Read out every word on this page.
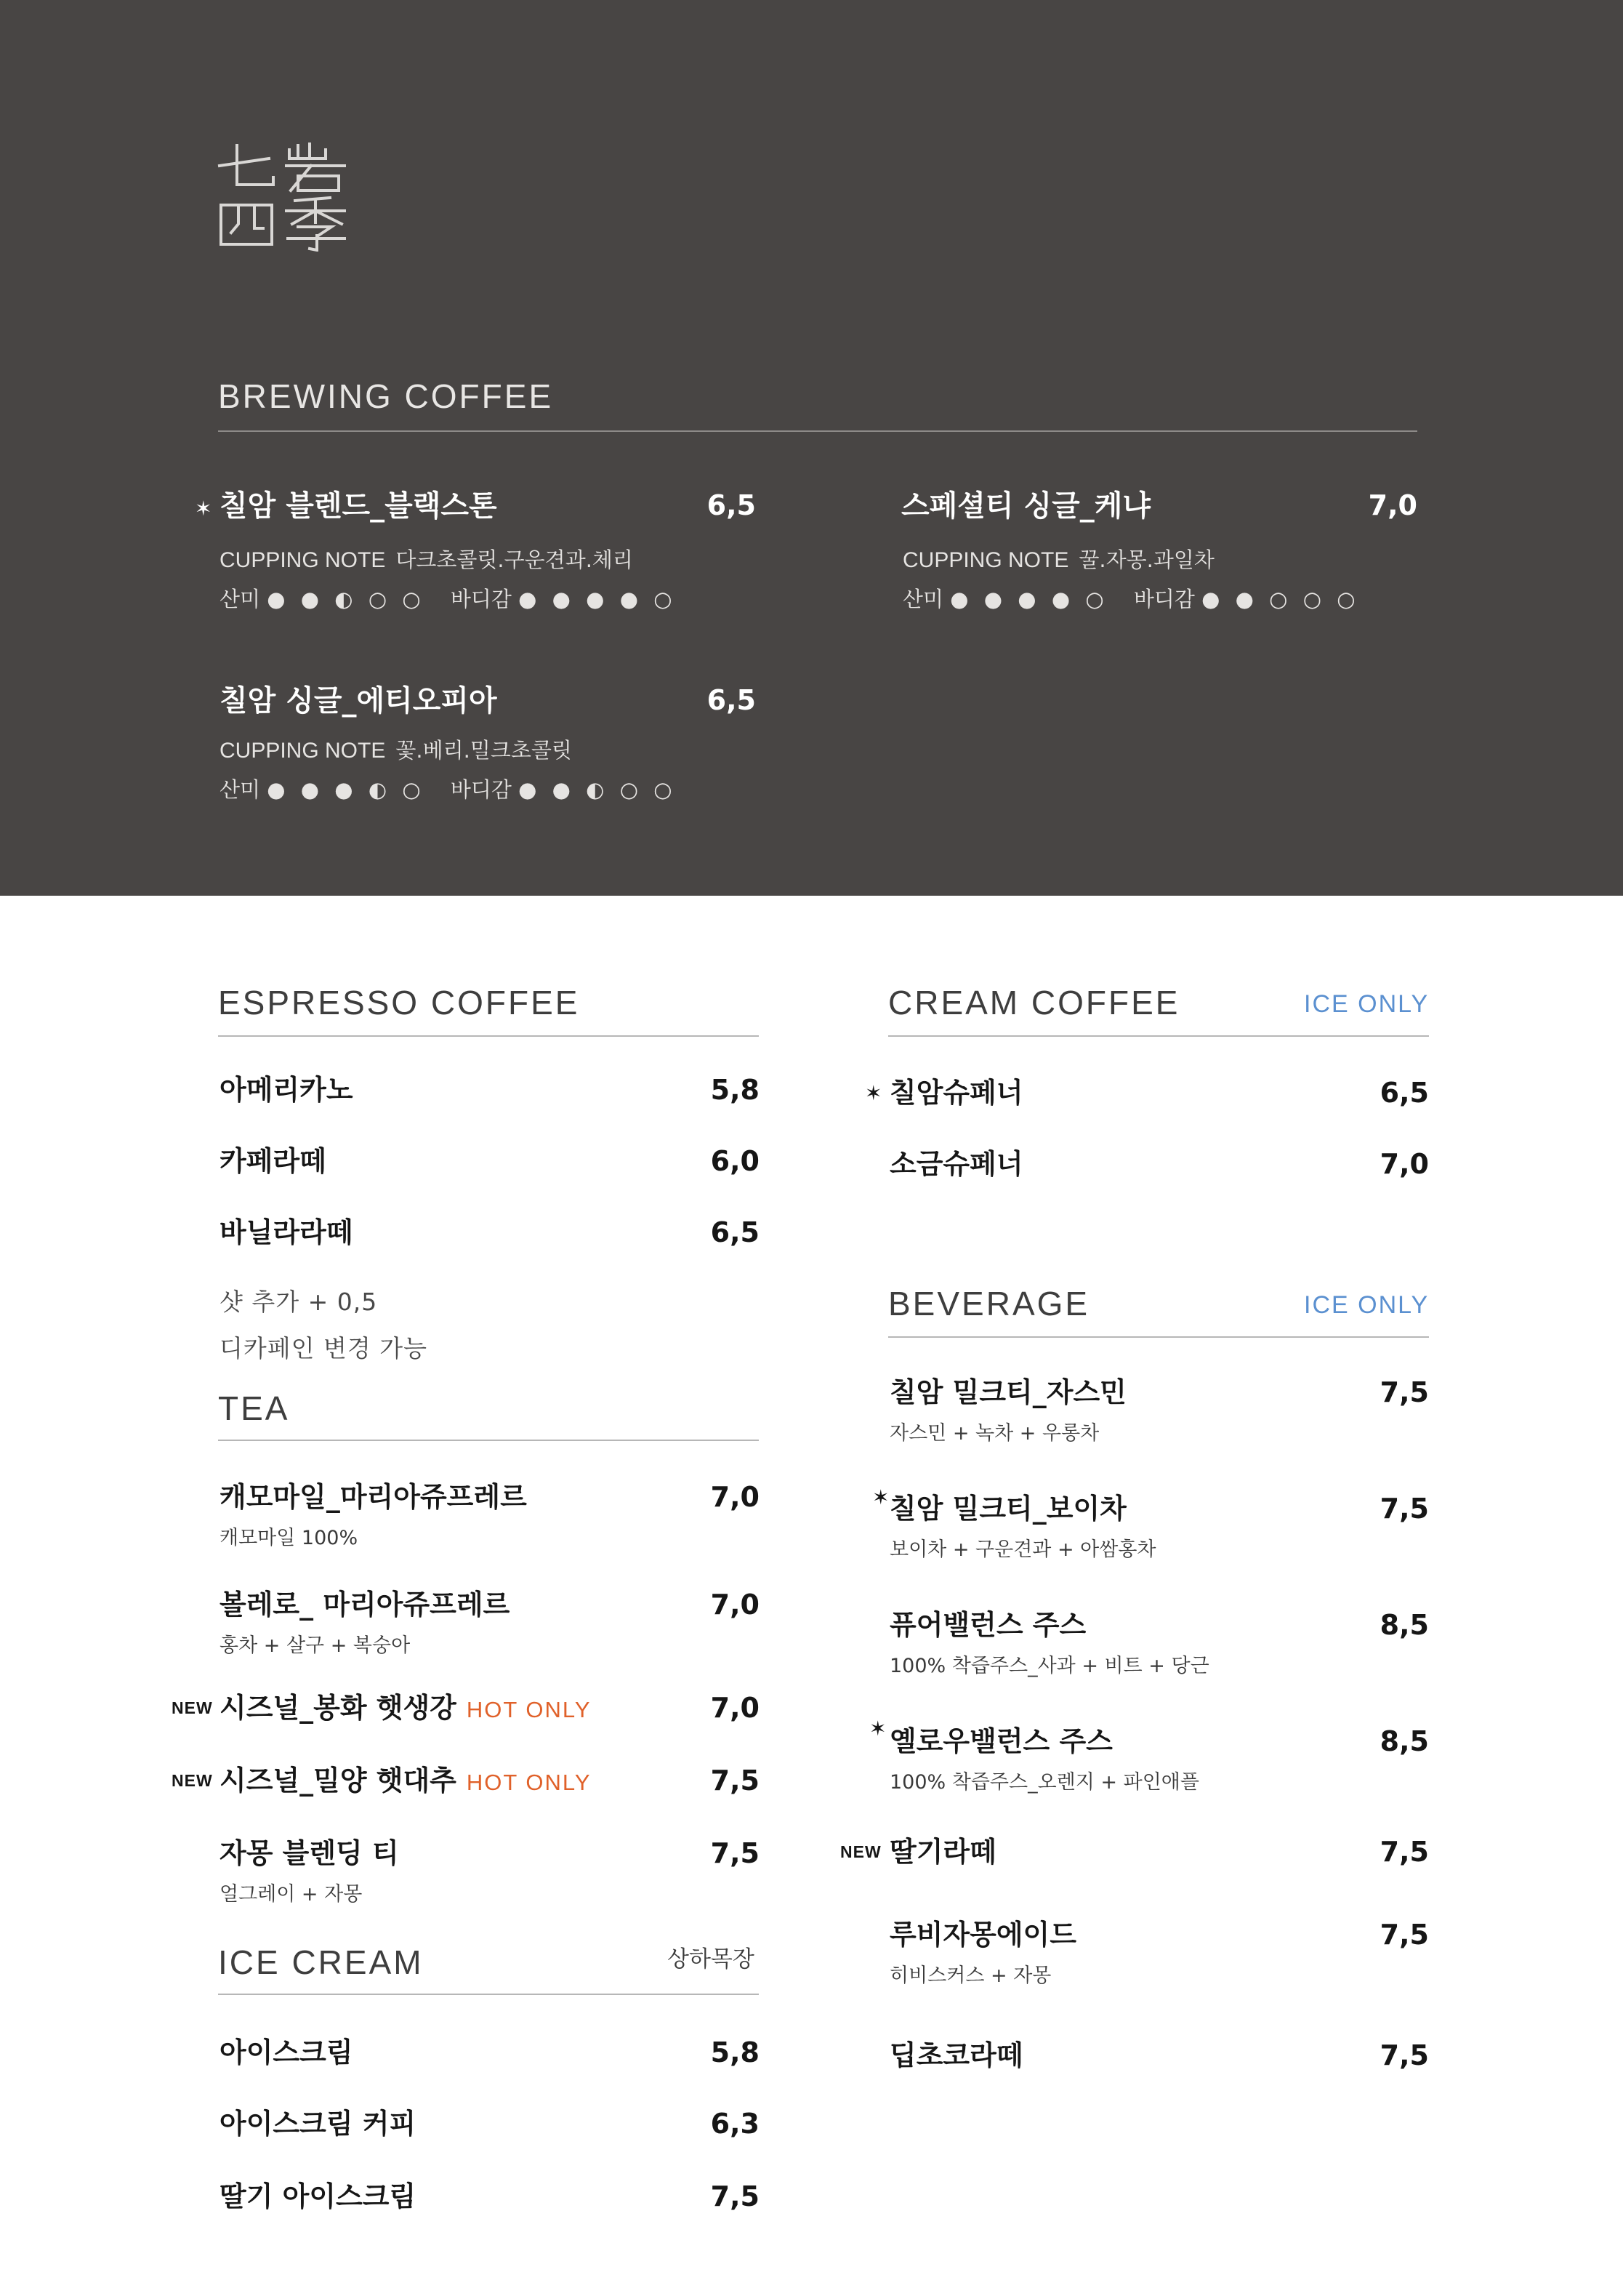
BREWING COFFEE
✶ 칠암 블렌드_블랙스톤	6,5
CUPPING NOTE 다크초콜릿.구운견과.체리
산미 ● ● ◐ ○ ○ 바디감 ● ● ● ● ○
스페셜티 싱글_케냐	7,0
CUPPING NOTE 꿀.자몽.과일차
산미 ● ● ● ● ○ 바디감 ● ● ○ ○ ○
칠암 싱글_에티오피아	6,5
CUPPING NOTE 꽃.베리.밀크초콜릿
산미 ● ● ● ◐ ○ 바디감 ● ● ◐ ○ ○
ESPRESSO COFFEE
아메리카노	5,8
카페라떼	6,0
바닐라라떼	6,5
샷 추가 + 0,5
디카페인 변경 가능
TEA
캐모마일_마리아쥬프레르	7,0
캐모마일 100%
볼레로_ 마리아쥬프레르	7,0
홍차 + 살구 + 복숭아
NEW 시즈널_봉화 햇생강 HOT ONLY	7,0
NEW 시즈널_밀양 햇대추 HOT ONLY	7,5
자몽 블렌딩 티	7,5
얼그레이 + 자몽
ICE CREAM	상하목장
아이스크림	5,8
아이스크림 커피	6,3
딸기 아이스크림	7,5
CREAM COFFEE	ICE ONLY
✶ 칠암슈페너	6,5
소금슈페너	7,0
BEVERAGE	ICE ONLY
칠암 밀크티_자스민	7,5
자스민 + 녹차 + 우롱차
✶ 칠암 밀크티_보이차	7,5
보이차 + 구운견과 + 아쌈홍차
퓨어밸런스 주스	8,5
100% 착즙주스_사과 + 비트 + 당근
✶ 옐로우밸런스 주스	8,5
100% 착즙주스_오렌지 + 파인애플
NEW 딸기라떼	7,5
루비자몽에이드	7,5
히비스커스 + 자몽
딥초코라떼	7,5
